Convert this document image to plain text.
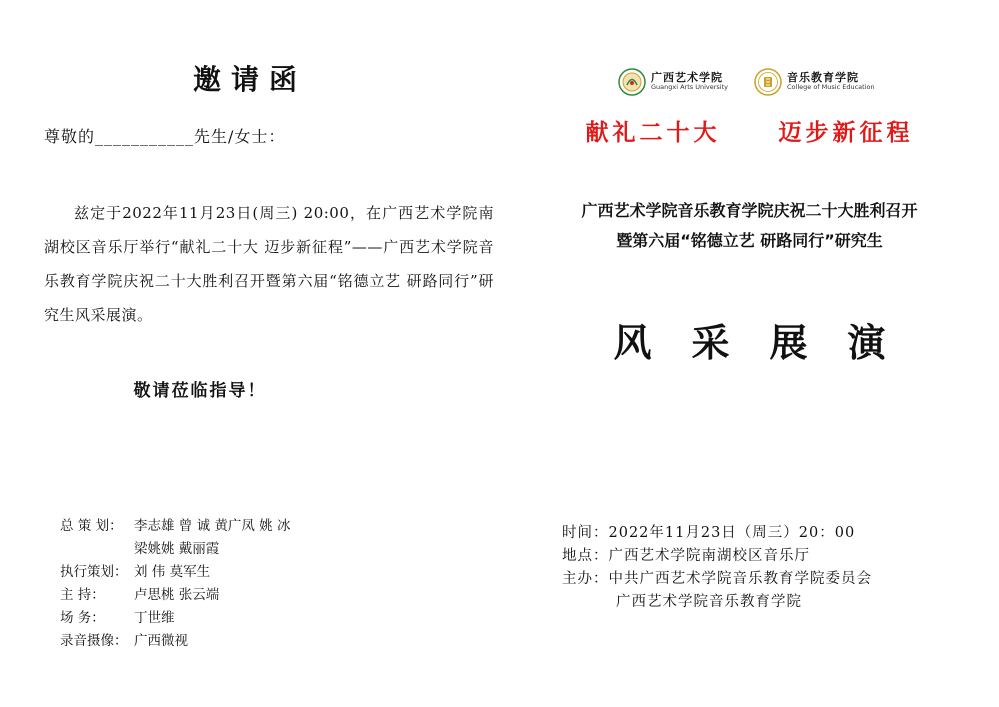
邀请函
尊敬的___________先生/女士：
兹定于2022年11月23日(周三) 20:00，在广西艺术学院南湖校区音乐厅举行“献礼二十大 迈步新征程”——广西艺术学院音乐教育学院庆祝二十大胜利召开暨第六届“铭德立艺 研路同行”研究生风采展演。
敬请莅临指导！
总 策 划： 李志雄 曾 诚 黄广凤 姚 冰
梁姚姚 戴丽霞
执行策划： 刘 伟 莫军生
主 持：	卢思桃 张云端
场 务：	丁世维
录音摄像： 广西微视
广西艺术学院
Guangxi Arts University
音乐教育学院
College of Music Education
献礼二十大	迈步新征程
广西艺术学院音乐教育学院庆祝二十大胜利召开
暨第六届“铭德立艺 研路同行”研究生
风 采 展 演
时间： 2022年11月23日（周三）20：00
地点： 广西艺术学院南湖校区音乐厅
主办： 中共广西艺术学院音乐教育学院委员会
广西艺术学院音乐教育学院
